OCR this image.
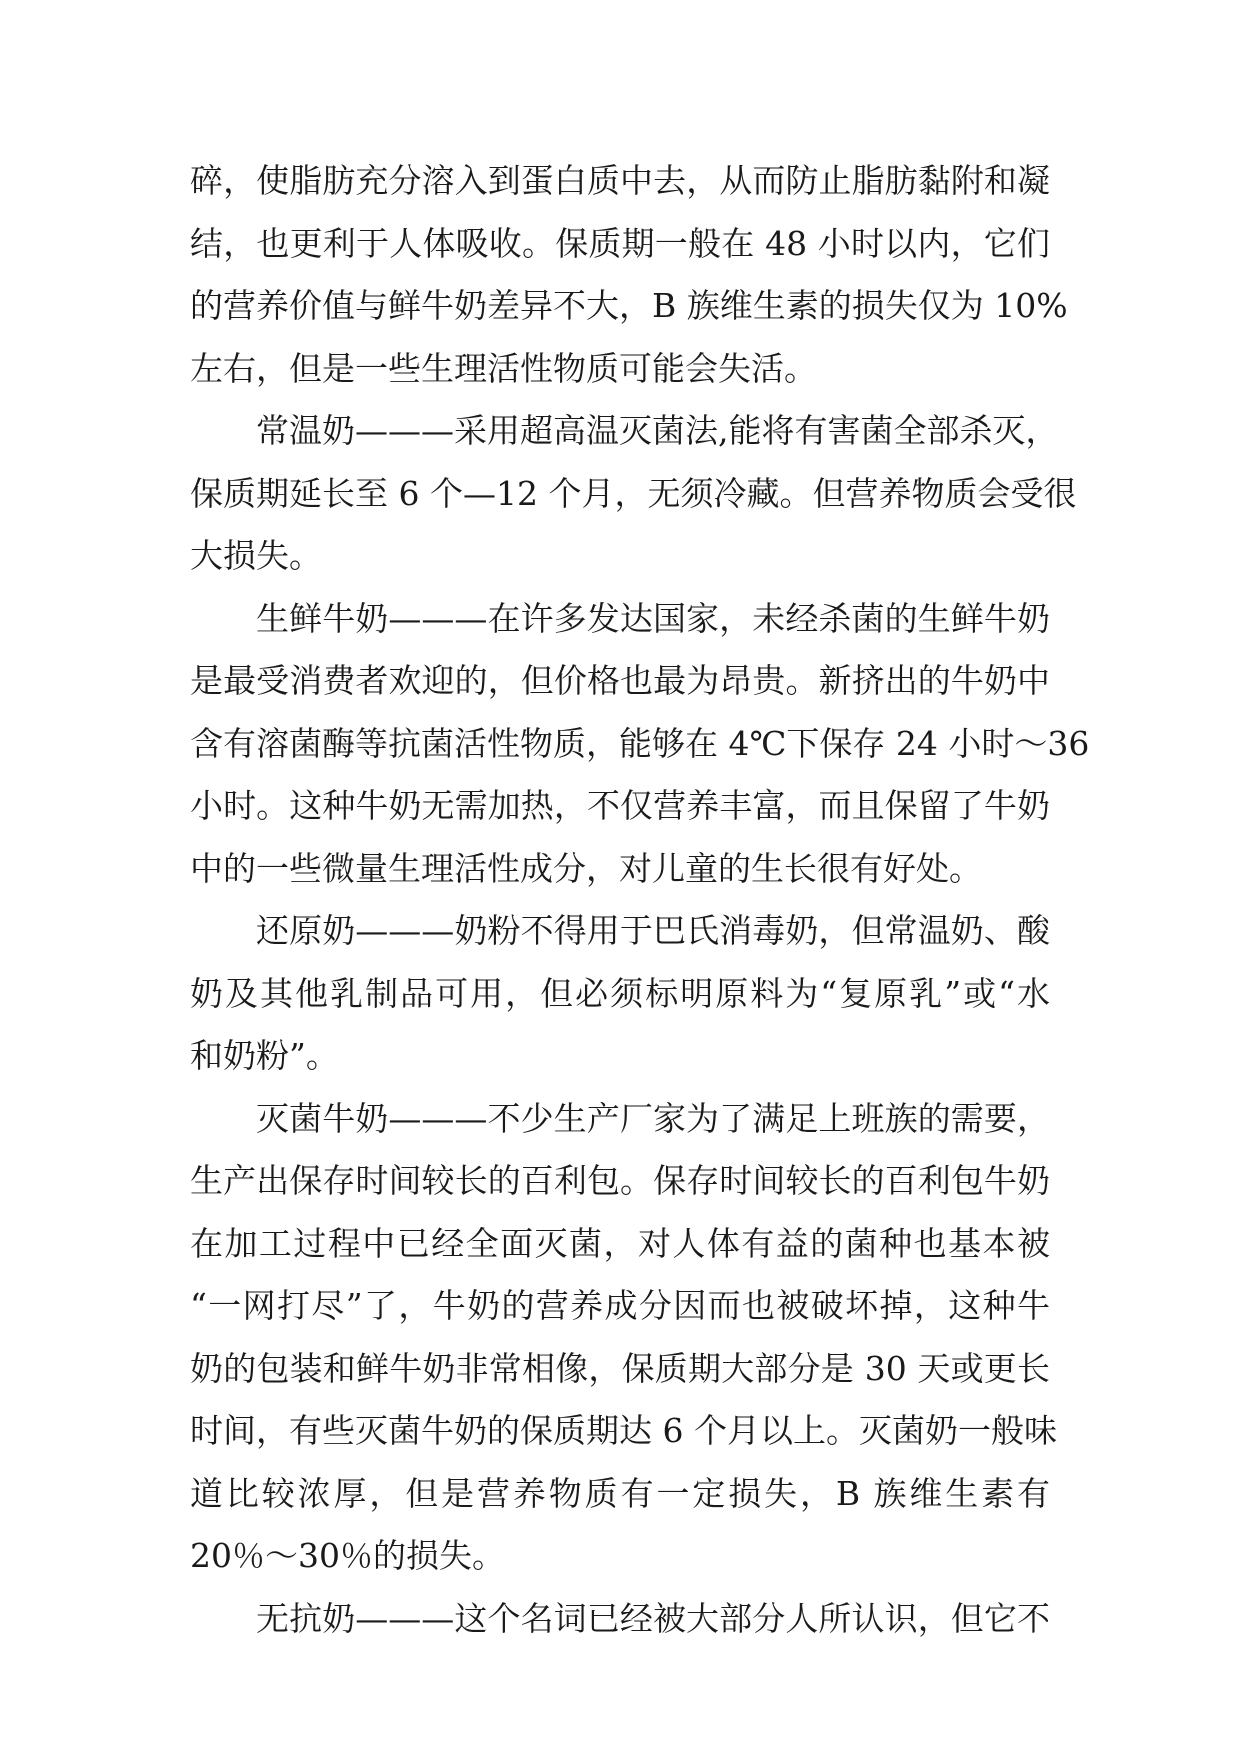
碎，使脂肪充分溶入到蛋白质中去，从而防止脂肪黏附和凝
结，也更利于人体吸收。保质期一般在 48 小时以内，它们
的营养价值与鲜牛奶差异不大，B 族维生素的损失仅为 10%
左右，但是一些生理活性物质可能会失活。
常温奶———采用超高温灭菌法,能将有害菌全部杀灭，
保质期延长至 6 个—12 个月，无须冷藏。但营养物质会受很
大损失。
生鲜牛奶———在许多发达国家，未经杀菌的生鲜牛奶
是最受消费者欢迎的，但价格也最为昂贵。新挤出的牛奶中
含有溶菌酶等抗菌活性物质，能够在 4℃下保存 24 小时～36
小时。这种牛奶无需加热，不仅营养丰富，而且保留了牛奶
中的一些微量生理活性成分，对儿童的生长很有好处。
还原奶———奶粉不得用于巴氏消毒奶，但常温奶、酸
奶及其他乳制品可用，但必须标明原料为“复原乳”或“水
和奶粉”。
灭菌牛奶———不少生产厂家为了满足上班族的需要，
生产出保存时间较长的百利包。保存时间较长的百利包牛奶
在加工过程中已经全面灭菌，对人体有益的菌种也基本被
“一网打尽”了，牛奶的营养成分因而也被破坏掉，这种牛
奶的包装和鲜牛奶非常相像，保质期大部分是 30 天或更长
时间，有些灭菌牛奶的保质期达 6 个月以上。灭菌奶一般味
道比较浓厚，但是营养物质有一定损失，B 族维生素有
20％～30％的损失。
无抗奶———这个名词已经被大部分人所认识，但它不
